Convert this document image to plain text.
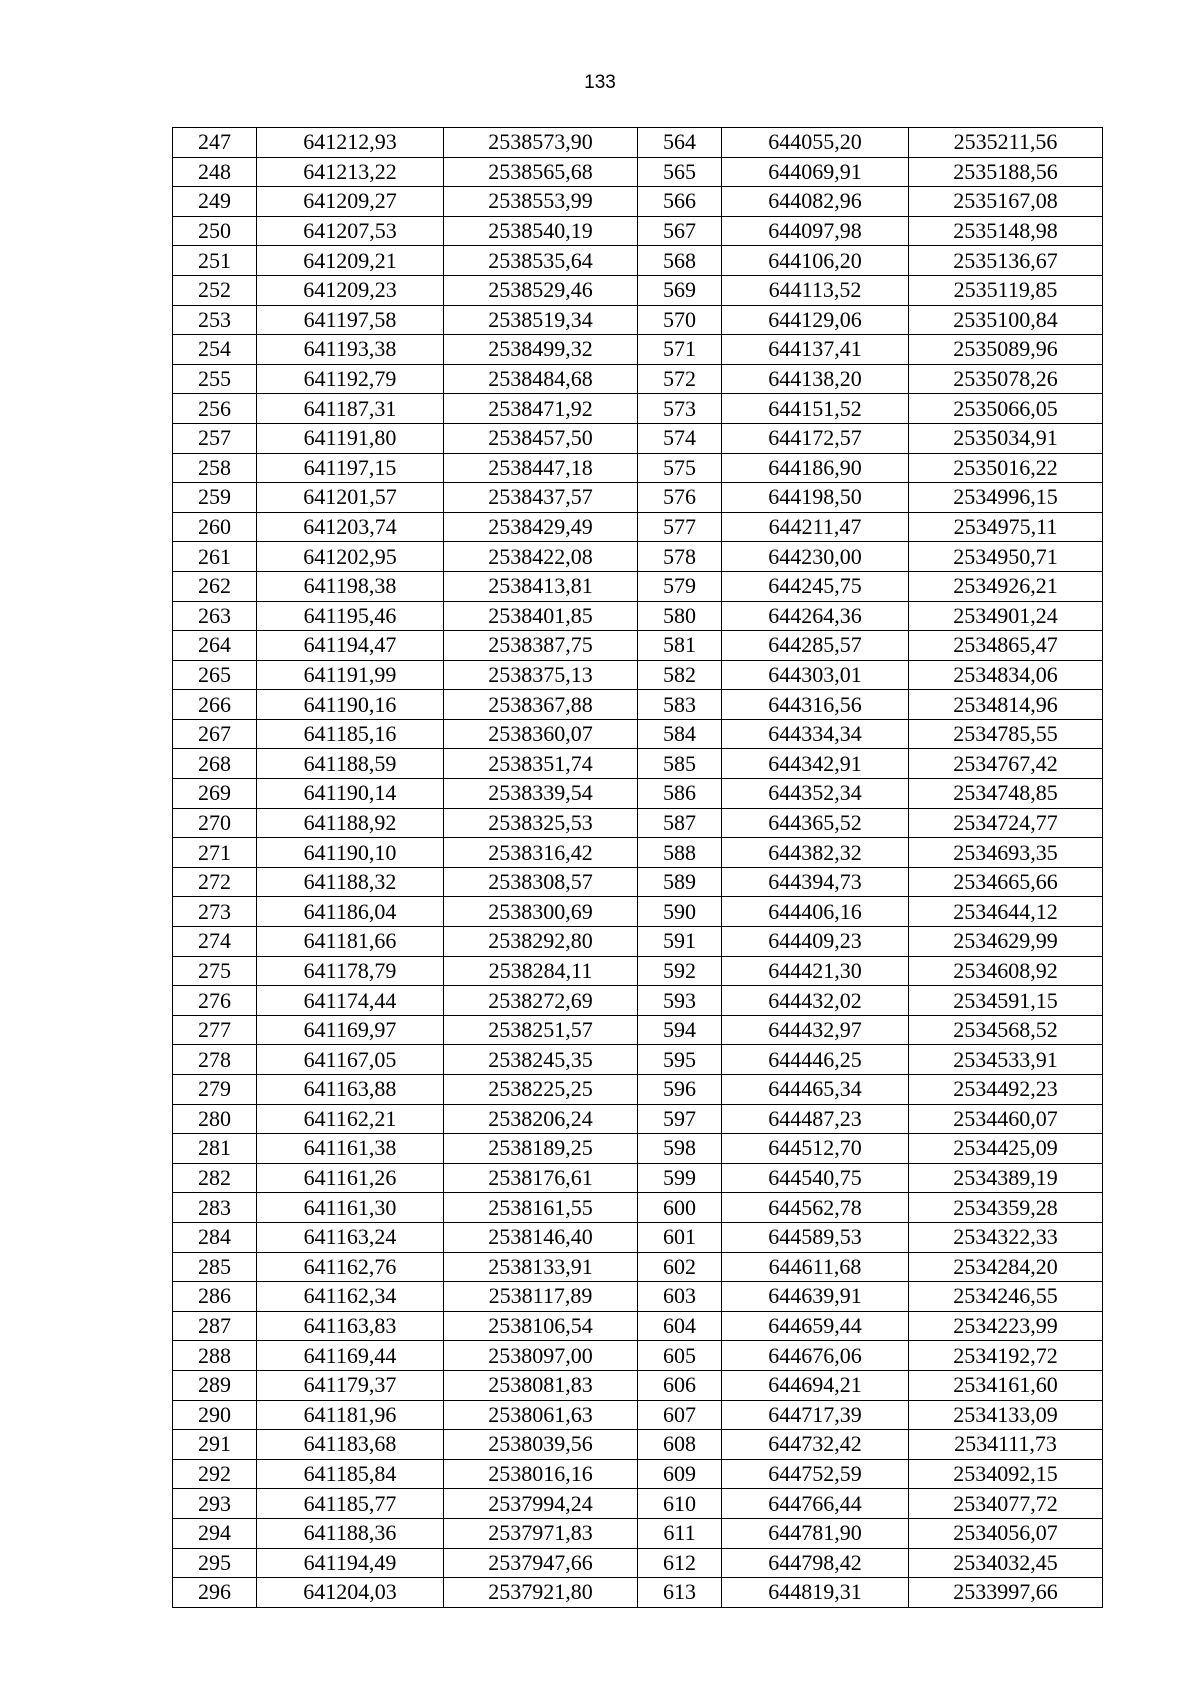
133
247	641212,93	2538573,90	564	644055,20	2535211,56
248	641213,22	2538565,68	565	644069,91	2535188,56
249	641209,27	2538553,99	566	644082,96	2535167,08
250	641207,53	2538540,19	567	644097,98	2535148,98
251	641209,21	2538535,64	568	644106,20	2535136,67
252	641209,23	2538529,46	569	644113,52	2535119,85
253	641197,58	2538519,34	570	644129,06	2535100,84
254	641193,38	2538499,32	571	644137,41	2535089,96
255	641192,79	2538484,68	572	644138,20	2535078,26
256	641187,31	2538471,92	573	644151,52	2535066,05
257	641191,80	2538457,50	574	644172,57	2535034,91
258	641197,15	2538447,18	575	644186,90	2535016,22
259	641201,57	2538437,57	576	644198,50	2534996,15
260	641203,74	2538429,49	577	644211,47	2534975,11
261	641202,95	2538422,08	578	644230,00	2534950,71
262	641198,38	2538413,81	579	644245,75	2534926,21
263	641195,46	2538401,85	580	644264,36	2534901,24
264	641194,47	2538387,75	581	644285,57	2534865,47
265	641191,99	2538375,13	582	644303,01	2534834,06
266	641190,16	2538367,88	583	644316,56	2534814,96
267	641185,16	2538360,07	584	644334,34	2534785,55
268	641188,59	2538351,74	585	644342,91	2534767,42
269	641190,14	2538339,54	586	644352,34	2534748,85
270	641188,92	2538325,53	587	644365,52	2534724,77
271	641190,10	2538316,42	588	644382,32	2534693,35
272	641188,32	2538308,57	589	644394,73	2534665,66
273	641186,04	2538300,69	590	644406,16	2534644,12
274	641181,66	2538292,80	591	644409,23	2534629,99
275	641178,79	2538284,11	592	644421,30	2534608,92
276	641174,44	2538272,69	593	644432,02	2534591,15
277	641169,97	2538251,57	594	644432,97	2534568,52
278	641167,05	2538245,35	595	644446,25	2534533,91
279	641163,88	2538225,25	596	644465,34	2534492,23
280	641162,21	2538206,24	597	644487,23	2534460,07
281	641161,38	2538189,25	598	644512,70	2534425,09
282	641161,26	2538176,61	599	644540,75	2534389,19
283	641161,30	2538161,55	600	644562,78	2534359,28
284	641163,24	2538146,40	601	644589,53	2534322,33
285	641162,76	2538133,91	602	644611,68	2534284,20
286	641162,34	2538117,89	603	644639,91	2534246,55
287	641163,83	2538106,54	604	644659,44	2534223,99
288	641169,44	2538097,00	605	644676,06	2534192,72
289	641179,37	2538081,83	606	644694,21	2534161,60
290	641181,96	2538061,63	607	644717,39	2534133,09
291	641183,68	2538039,56	608	644732,42	2534111,73
292	641185,84	2538016,16	609	644752,59	2534092,15
293	641185,77	2537994,24	610	644766,44	2534077,72
294	641188,36	2537971,83	611	644781,90	2534056,07
295	641194,49	2537947,66	612	644798,42	2534032,45
296	641204,03	2537921,80	613	644819,31	2533997,66
